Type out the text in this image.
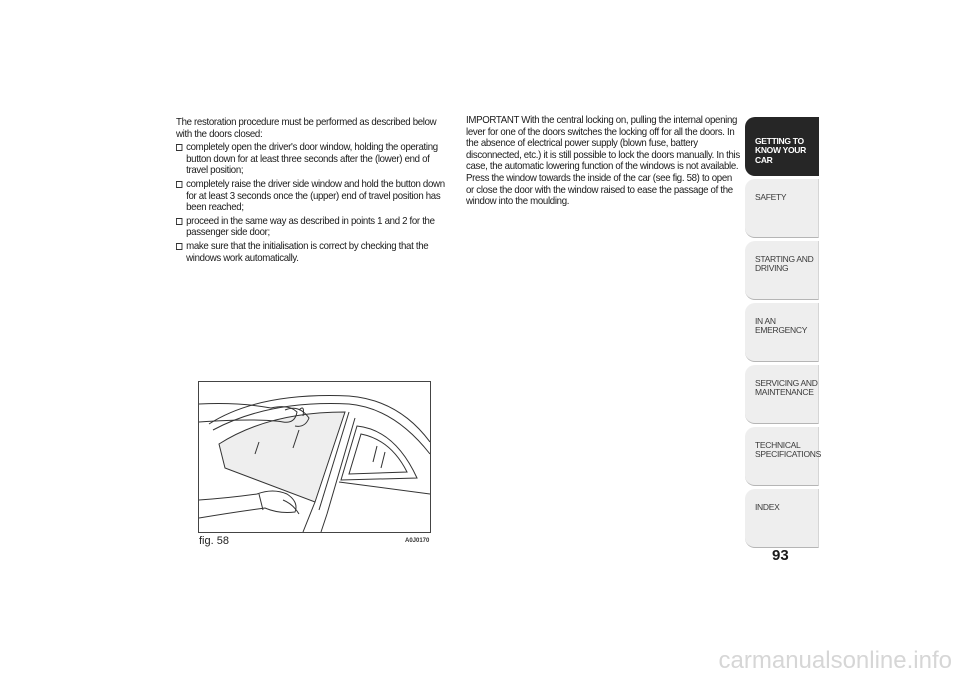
The restoration procedure must be performed as described below with the doors closed:

completely open the driver's door window, holding the operating button down for at least three seconds after the (lower) end of travel position;
completely raise the driver side window and hold the button down for at least 3 seconds once the (upper) end of travel position has been reached;
proceed in the same way as described in points 1 and 2 for the passenger side door;
make sure that the initialisation is correct by checking that the windows work automatically.

IMPORTANT With the central locking on, pulling the internal opening lever for one of the doors switches the locking off for all the doors. In the absence of electrical power supply (blown fuse, battery disconnected, etc.) it is still possible to lock the doors manually. In this case, the automatic lowering function of the windows is not available. Press the window towards the inside of the car (see fig. 58) to open or close the door with the window raised to ease the passage of the window into the moulding.

fig. 58	A0J0170
GETTING TO KNOW YOUR CAR
SAFETY
STARTING AND DRIVING
IN AN EMERGENCY
SERVICING AND MAINTENANCE
TECHNICAL SPECIFICATIONS
INDEX
93
carmanualsonline.info
